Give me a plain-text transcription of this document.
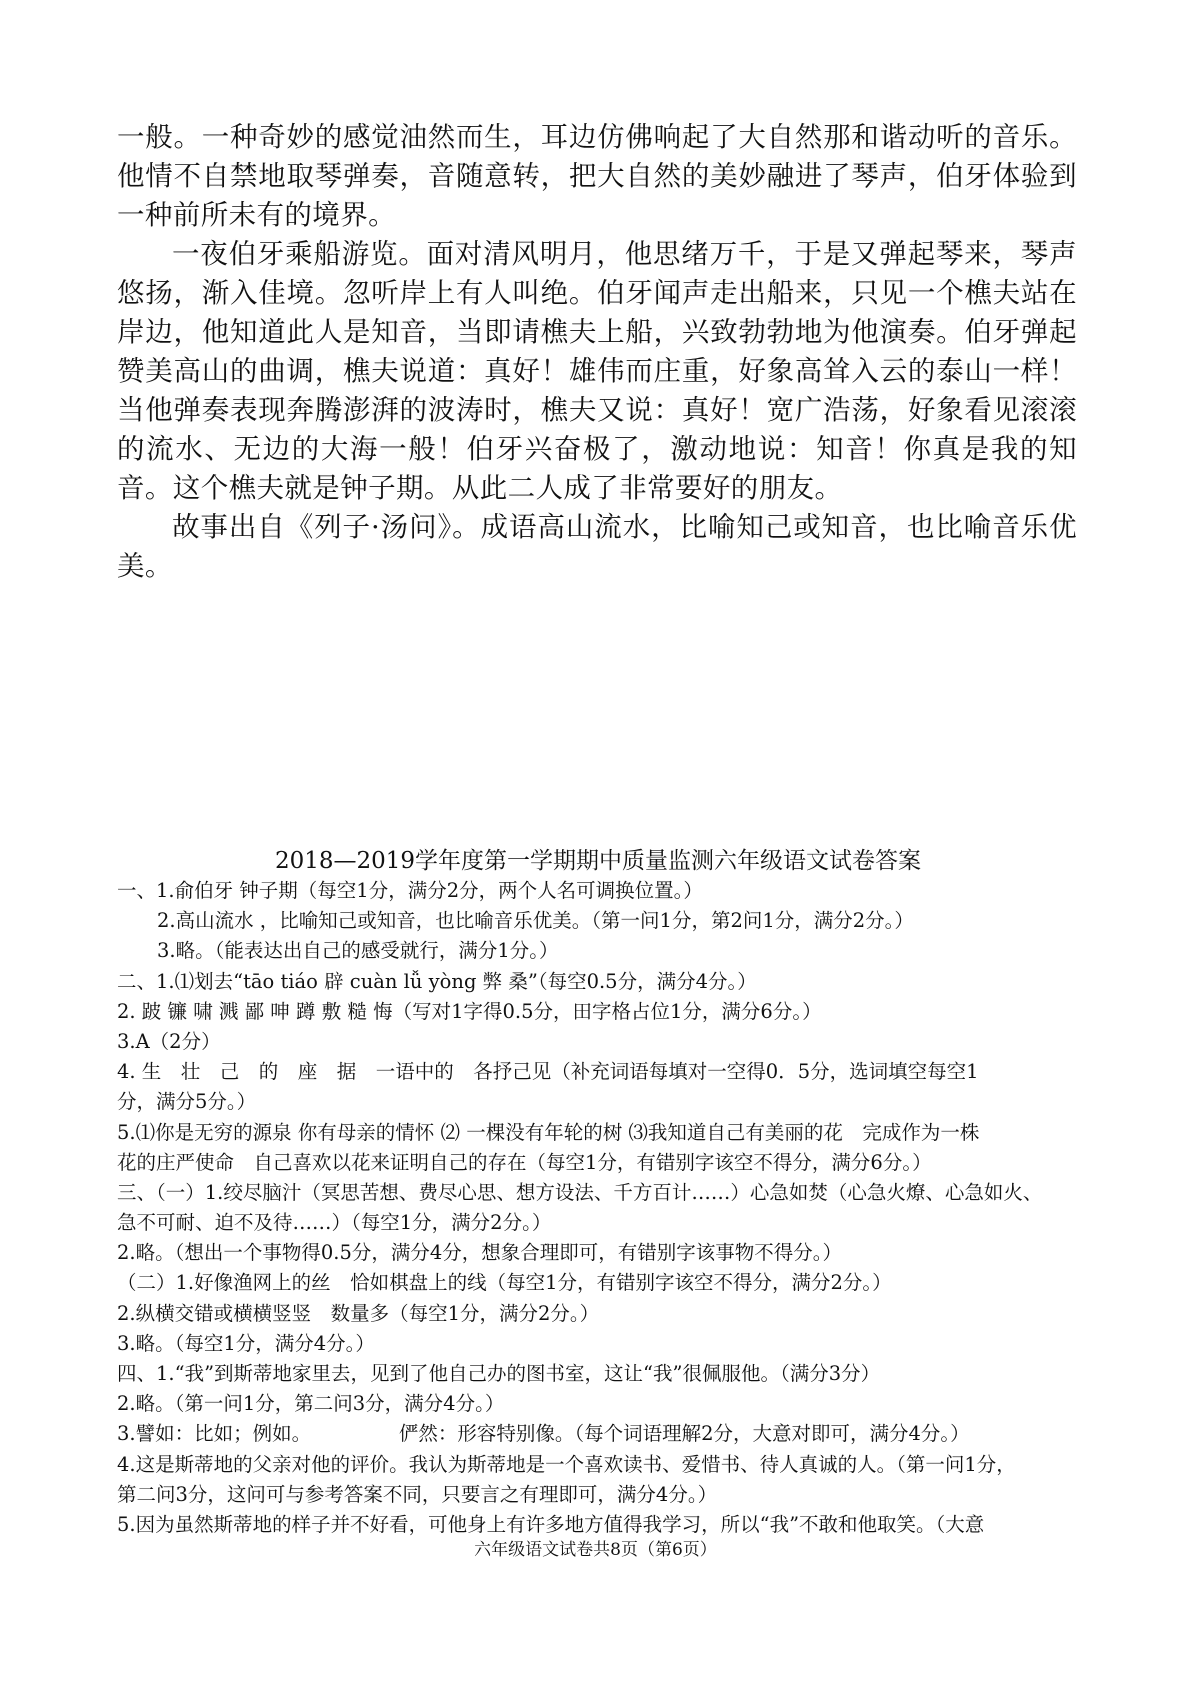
一般。一种奇妙的感觉油然而生，耳边仿佛响起了大自然那和谐动听的音乐。他情不自禁地取琴弹奏，音随意转，把大自然的美妙融进了琴声，伯牙体验到一种前所未有的境界。

一夜伯牙乘船游览。面对清风明月，他思绪万千，于是又弹起琴来，琴声悠扬，渐入佳境。忽听岸上有人叫绝。伯牙闻声走出船来，只见一个樵夫站在岸边，他知道此人是知音，当即请樵夫上船，兴致勃勃地为他演奏。伯牙弹起赞美高山的曲调，樵夫说道：真好！雄伟而庄重，好象高耸入云的泰山一样！当他弹奏表现奔腾澎湃的波涛时，樵夫又说：真好！宽广浩荡，好象看见滚滚的流水、无边的大海一般！伯牙兴奋极了，激动地说：知音！你真是我的知音。这个樵夫就是钟子期。从此二人成了非常要好的朋友。

故事出自《列子·汤问》。成语高山流水，比喻知己或知音，也比喻音乐优美。

2018—2019学年度第一学期期中质量监测六年级语文试卷答案
一、1.俞伯牙 钟子期（每空1分，满分2分，两个人名可调换位置。）
2.高山流水 ，比喻知己或知音，也比喻音乐优美。（第一问1分，第2问1分，满分2分。）
3.略。（能表达出自己的感受就行，满分1分。）
二、1.⑴划去“tāo tiáo 辟 cuàn lǚ yòng 弊 桑”（每空0.5分，满分4分。）
2. 跛 镰 啸 溅 鄙 呻 蹲 敷 糙 悔（写对1字得0.5分，田字格占位1分，满分6分。）
3.A（2分）
4. 生　壮　己　的　座　据　一语中的　各抒己见（补充词语每填对一空得0．5分，选词填空每空1
分，满分5分。）
5.⑴你是无穷的源泉 你有母亲的情怀 ⑵ 一棵没有年轮的树 ⑶我知道自己有美丽的花　完成作为一株
花的庄严使命　自己喜欢以花来证明自己的存在（每空1分，有错别字该空不得分，满分6分。）
三、（一）1.绞尽脑汁（冥思苦想、费尽心思、想方设法、千方百计……）心急如焚（心急火燎、心急如火、
急不可耐、迫不及待……）（每空1分，满分2分。）
2.略。（想出一个事物得0.5分，满分4分，想象合理即可，有错别字该事物不得分。）
（二）1.好像渔网上的丝　恰如棋盘上的线（每空1分，有错别字该空不得分，满分2分。）
2.纵横交错或横横竖竖　数量多（每空1分，满分2分。）
3.略。（每空1分，满分4分。）
四、1.“我”到斯蒂地家里去，见到了他自己办的图书室，这让“我”很佩服他。（满分3分）
2.略。（第一问1分，第二问3分，满分4分。）
3.譬如：比如；例如。　　　　　俨然：形容特别像。（每个词语理解2分，大意对即可，满分4分。）
4.这是斯蒂地的父亲对他的评价。我认为斯蒂地是一个喜欢读书、爱惜书、待人真诚的人。（第一问1分，
第二问3分，这问可与参考答案不同，只要言之有理即可，满分4分。）
5.因为虽然斯蒂地的样子并不好看，可他身上有许多地方值得我学习，所以“我”不敢和他取笑。（大意
六年级语文试卷共8页（第6页）
